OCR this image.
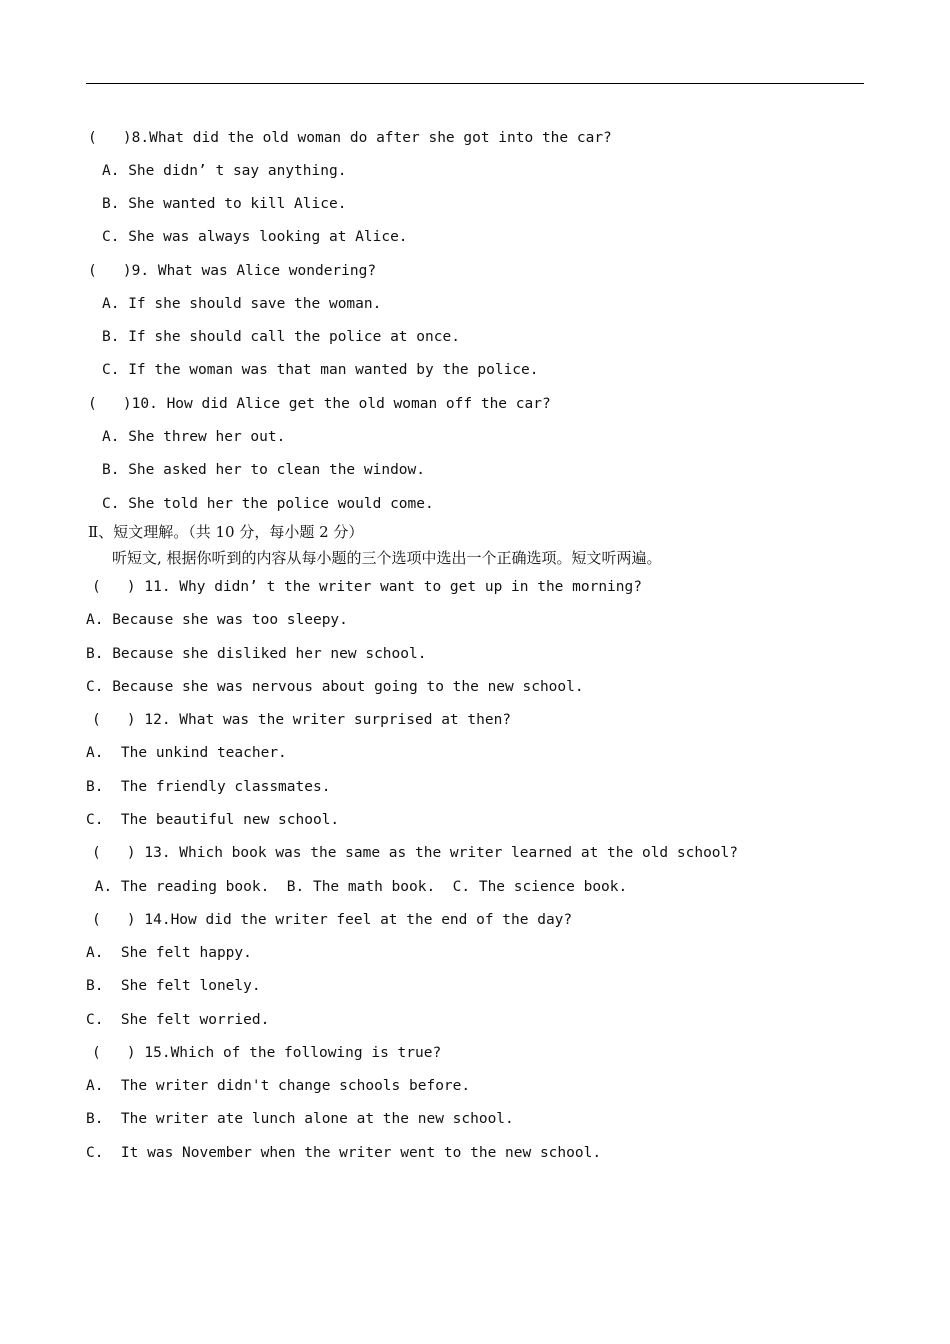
(   )8.What did the old woman do after she got into the car?
A. She didn’ t say anything.
B. She wanted to kill Alice.
C. She was always looking at Alice.
(   )9. What was Alice wondering?
A. If she should save the woman.
B. If she should call the police at once.
C. If the woman was that man wanted by the police.
(   )10. How did Alice get the old woman off the car?
A. She threw her out.
B. She asked her to clean the window.
C. She told her the police would come.
Ⅱ、短文理解。（共 10 分，每小题 2 分）
听短文, 根据你听到的内容从每小题的三个选项中选出一个正确选项。短文听两遍。
(   ) 11. Why didn’ t the writer want to get up in the morning?
A. Because she was too sleepy.
B. Because she disliked her new school.
C. Because she was nervous about going to the new school.
(   ) 12. What was the writer surprised at then?
A.  The unkind teacher.
B.  The friendly classmates.
C.  The beautiful new school.
(   ) 13. Which book was the same as the writer learned at the old school?
A. The reading book.  B. The math book.  C. The science book.
(   ) 14.How did the writer feel at the end of the day?
A.  She felt happy.
B.  She felt lonely.
C.  She felt worried.
(   ) 15.Which of the following is true?
A.  The writer didn't change schools before.
B.  The writer ate lunch alone at the new school.
C.  It was November when the writer went to the new school.
